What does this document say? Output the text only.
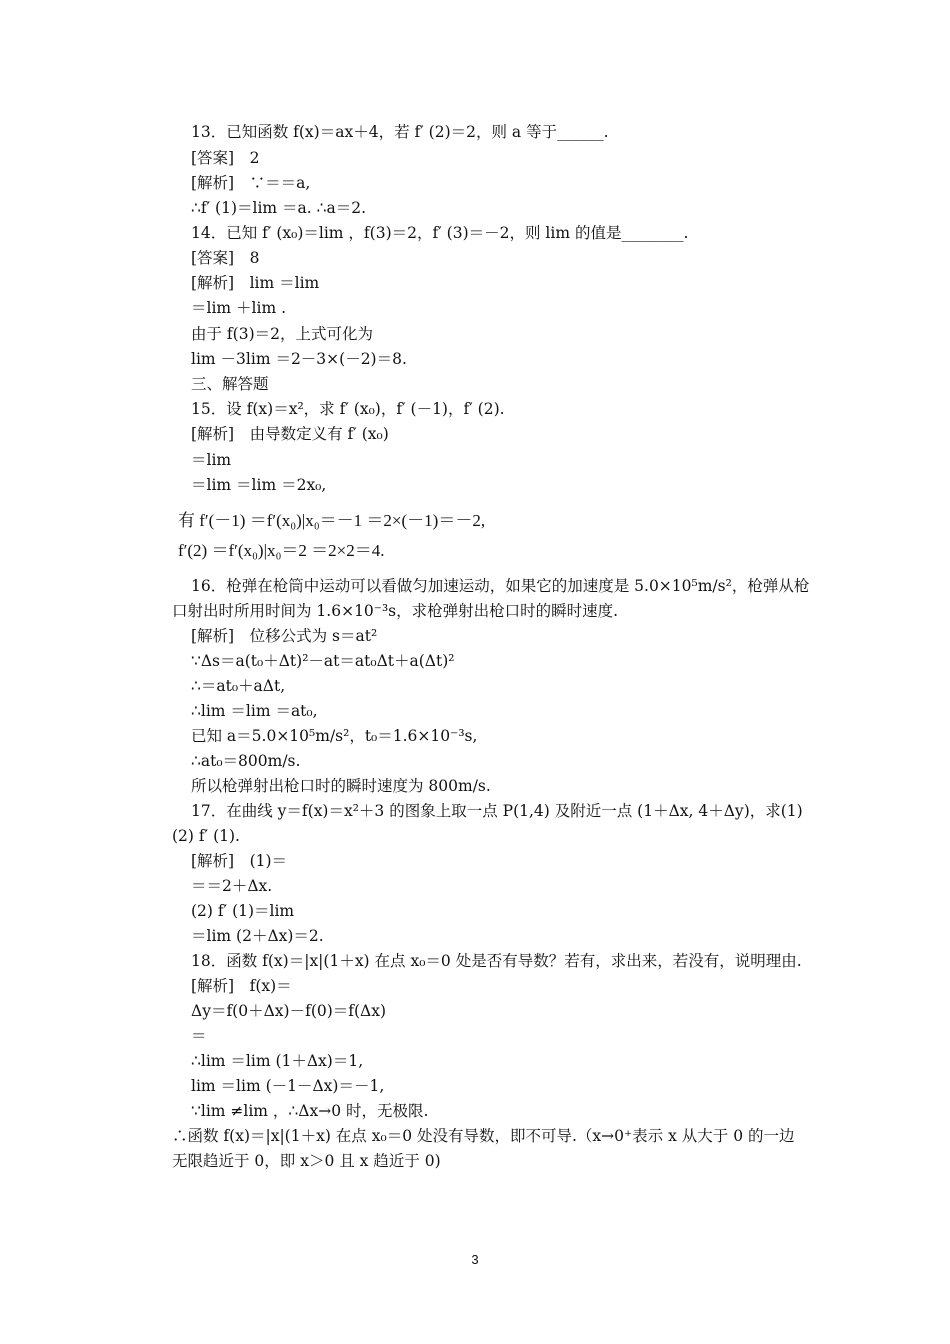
13．已知函数 f(x)＝ax＋4，若 f′ (2)＝2，则 a 等于______.
[答案]　2
[解析]　∵＝＝a,
∴f′ (1)＝lim ＝a. ∴a＝2.
14．已知 f′ (x₀)＝lim ，f(3)＝2，f′ (3)＝－2，则 lim 的值是________.
[答案]　8
[解析]　lim ＝lim
＝lim ＋lim .
由于 f(3)＝2，上式可化为
lim －3lim ＝2－3×(－2)＝8.
三、解答题
15．设 f(x)＝x²，求 f′ (x₀)，f′ (－1)，f′ (2).
[解析]　由导数定义有 f′ (x₀)
＝lim
＝lim ＝lim ＝2x₀,
有 f′(－1) ＝f′(x₀)|x₀＝－1 ＝2×(－1)＝－2,
f′(2) ＝f′(x₀)|x₀＝2 ＝2×2＝4.
16．枪弹在枪筒中运动可以看做匀加速运动，如果它的加速度是 5.0×10⁵m/s²，枪弹从枪
口射出时所用时间为 1.6×10⁻³s，求枪弹射出枪口时的瞬时速度.
[解析]　位移公式为 s＝at²
∵Δs＝a(t₀＋Δt)²－at＝at₀Δt＋a(Δt)²
∴＝at₀＋aΔt,
∴lim ＝lim ＝at₀,
已知 a＝5.0×10⁵m/s²，t₀＝1.6×10⁻³s,
∴at₀＝800m/s.
所以枪弹射出枪口时的瞬时速度为 800m/s.
17．在曲线 y＝f(x)＝x²＋3 的图象上取一点 P(1,4) 及附近一点 (1＋Δx, 4＋Δy)，求(1)
(2) f′ (1).
[解析]　(1)＝
＝＝2＋Δx.
(2) f′ (1)＝lim
＝lim (2＋Δx)＝2.
18．函数 f(x)＝|x|(1＋x) 在点 x₀＝0 处是否有导数？若有，求出来，若没有，说明理由.
[解析]　f(x)＝
Δy＝f(0＋Δx)－f(0)＝f(Δx)
＝
∴lim ＝lim (1＋Δx)＝1,
lim ＝lim (－1－Δx)＝－1,
∵lim ≠lim ，∴Δx→0 时，无极限.
∴函数 f(x)＝|x|(1＋x) 在点 x₀＝0 处没有导数，即不可导.（x→0⁺表示 x 从大于 0 的一边
无限趋近于 0，即 x＞0 且 x 趋近于 0)
3
